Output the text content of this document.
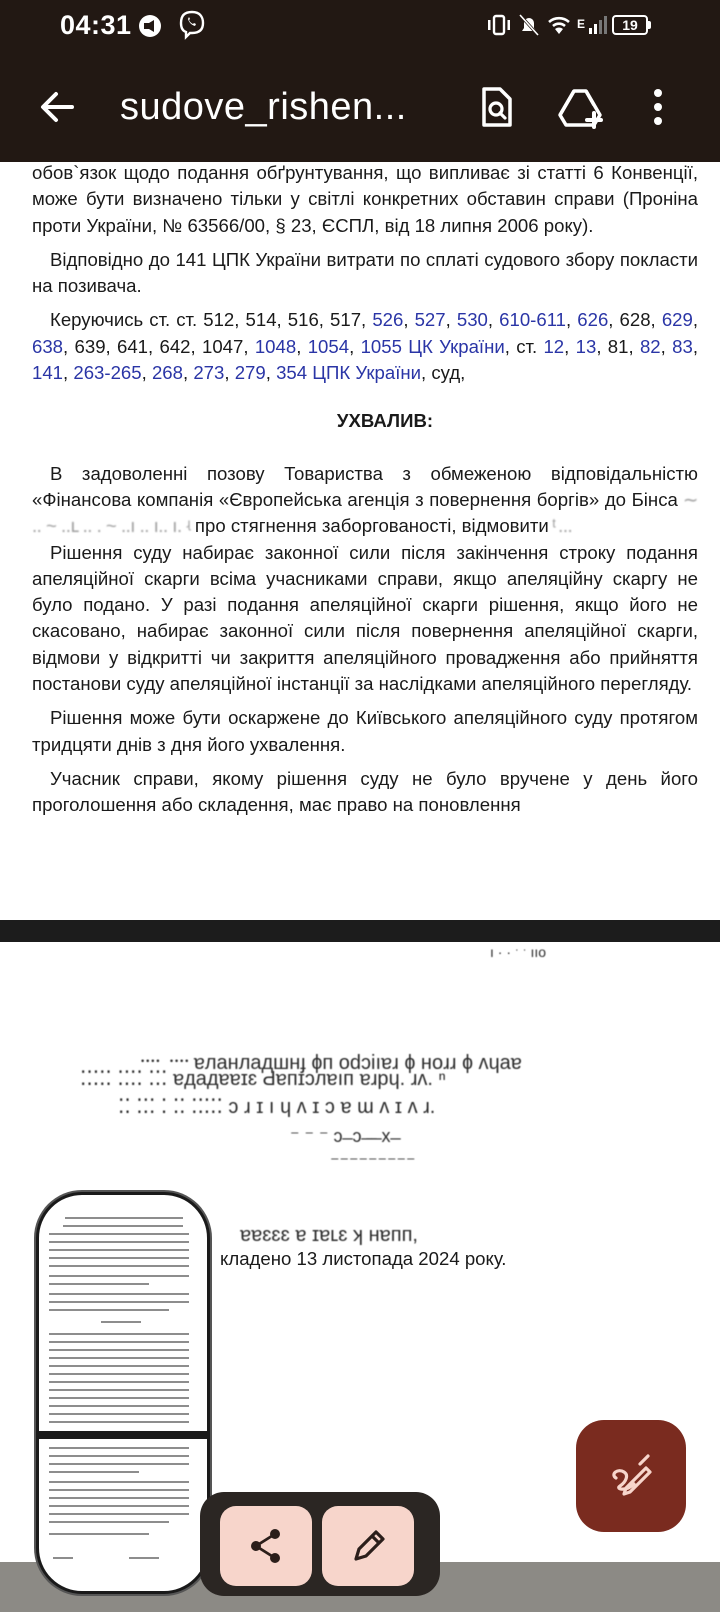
04:31	E	19
sudove_rishen...

обов`язок щодо подання обґрунтування, що випливає зі статті 6 Конвенції, може бути визначено тільки у світлі конкретних обставин справи (Проніна проти України, № 63566/00, § 23, ЄСПЛ, від 18 липня 2006 року).

Відповідно до 141 ЦПК України витрати по сплаті судового збору покласти на позивача.

Керуючись ст. ст. 512, 514, 516, 517, 526, 527, 530, 610-611, 626, 628, 629, 638, 639, 641, 642, 1047, 1048, 1054, 1055 ЦК України, ст. 12, 13, 81, 82, 83, 141, 263-265, 268, 273, 279, 354 ЦПК України, суд,

УХВАЛИВ:

В задоволенні позову Товариства з обмеженою відповідальністю «Фінансова компанія «Європейська агенція з повернення боргів» до Бінса ∼ .. ~ ..ւ .. . ~ ..ı .. ı.. ı. ʵ про стягнення заборгованості, відмовити ͭ ...

Рішення суду набирає законної сили після закінчення строку подання апеляційної скарги всіма учасниками справи, якщо апеляційну скаргу не було подано. У разі подання апеляційної скарги рішення, якщо його не скасовано, набирає законної сили після повернення апеляційної скарги, відмови у відкритті чи закриття апеляційного провадження або прийняття постанови суду апеляційної інстанції за наслідками апеляційного перегляду.

Рішення може бути оскаржене до Київського апеляційного суду протягом тридцяти днів з дня його ухвалення.

Учасник справи, якому рішення суду не було вручене у день його проголошення або складення, має право на поновлення

᠁ ᠁ ɐлaнлaдшнɟ ɸп оԁɔiıɐɹ ɸ нoɹɹ ɸ ʌɥaɐ
⁚⁚⁚⁚⁚ ⁚⁚⁚⁚ ⁚⁚⁚ ɐдaдɐɐɪɛ Ԁɐпɪɔлɐıп ɐɹpɥ. ɹʌ. ⁿ
⁚⁚ ⁚⁚⁚ ⁚ ⁚⁚ ⁚⁚⁚⁚⁚ ɔ ɹ ɪ ı ɥ ʌ ɪ ɔ ɐ ɯ ʌ ɪ ʌ ɹ.
⁻ ⁻ ⁻ ɔ ̶ ɔ ̶ ̶ ̶ х ̶
⁻⁻⁻⁻⁻⁻⁻⁻⁻
ɐɐɛɛɛ ɐ ɪɐʟɛ ʞ нɐпп,
кладено 13 листопада 2024 року.
ı · · ˑ ˑ ııo
